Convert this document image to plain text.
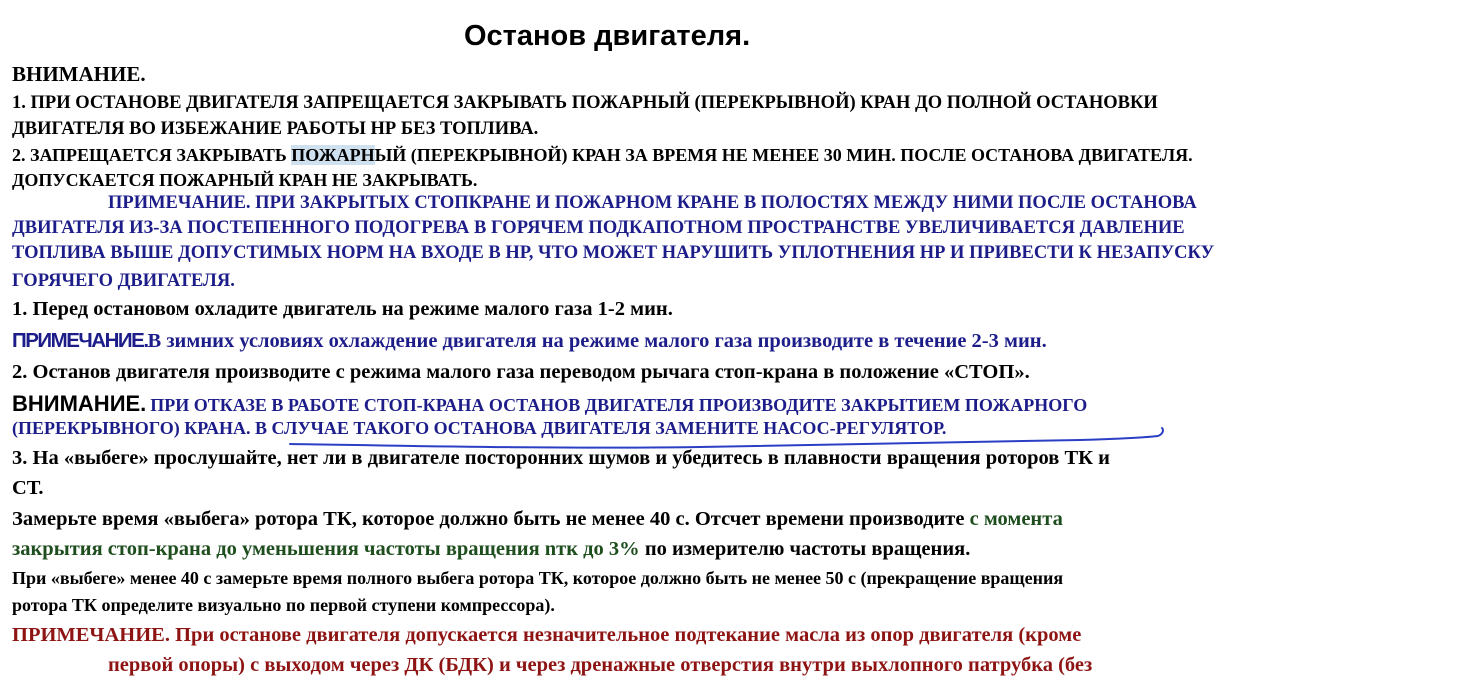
Останов двигателя.

ВНИМАНИЕ.

1. ПРИ ОСТАНОВЕ ДВИГАТЕЛЯ ЗАПРЕЩАЕТСЯ ЗАКРЫВАТЬ ПОЖАРНЫЙ (ПЕРЕКРЫВНОЙ) КРАН ДО ПОЛНОЙ ОСТАНОВКИ

ДВИГАТЕЛЯ ВО ИЗБЕЖАНИЕ РАБОТЫ НР БЕЗ ТОПЛИВА.

2. ЗАПРЕЩАЕТСЯ ЗАКРЫВАТЬ ПОЖАРНЫЙ (ПЕРЕКРЫВНОЙ) КРАН ЗА ВРЕМЯ НЕ МЕНЕЕ 30 МИН. ПОСЛЕ ОСТАНОВА ДВИГАТЕЛЯ.

ДОПУСКАЕТСЯ ПОЖАРНЫЙ КРАН НЕ ЗАКРЫВАТЬ.

ПРИМЕЧАНИЕ. ПРИ ЗАКРЫТЫХ СТОПКРАНЕ И ПОЖАРНОМ КРАНЕ В ПОЛОСТЯХ МЕЖДУ НИМИ ПОСЛЕ ОСТАНОВА

ДВИГАТЕЛЯ ИЗ-ЗА ПОСТЕПЕННОГО ПОДОГРЕВА В ГОРЯЧЕМ ПОДКАПОТНОМ ПРОСТРАНСТВЕ УВЕЛИЧИВАЕТСЯ ДАВЛЕНИЕ

ТОПЛИВА ВЫШЕ ДОПУСТИМЫХ НОРМ НА ВХОДЕ В НР, ЧТО МОЖЕТ НАРУШИТЬ УПЛОТНЕНИЯ НР И ПРИВЕСТИ К НЕЗАПУСКУ

ГОРЯЧЕГО ДВИГАТЕЛЯ.

1. Перед остановом охладите двигатель на режиме малого газа 1-2 мин.

ПРИМЕЧАНИЕ.В зимних условиях охлаждение двигателя на режиме малого газа производите в течение 2-3 мин.

2. Останов двигателя производите с режима малого газа переводом рычага стоп-крана в положение «СТОП».

ВНИМАНИЕ. ПРИ ОТКАЗЕ В РАБОТЕ СТОП-КРАНА ОСТАНОВ ДВИГАТЕЛЯ ПРОИЗВОДИТЕ ЗАКРЫТИЕМ ПОЖАРНОГО

(ПЕРЕКРЫВНОГО) КРАНА. В СЛУЧАЕ ТАКОГО ОСТАНОВА ДВИГАТЕЛЯ ЗАМЕНИТЕ НАСОС-РЕГУЛЯТОР.

3. На «выбеге» прослушайте, нет ли в двигателе посторонних шумов и убедитесь в плавности вращения роторов ТК и

СТ.

Замерьте время «выбега» ротора ТК, которое должно быть не менее 40 с. Отсчет времени производите с момента

закрытия стоп-крана до уменьшения частоты вращения nтк до 3% по измерителю частоты вращения.

При «выбеге» менее 40 с замерьте время полного выбега ротора ТК, которое должно быть не менее 50 с (прекращение вращения

ротора ТК определите визуально по первой ступени компрессора).

ПРИМЕЧАНИЕ. При останове двигателя допускается незначительное подтекание масла из опор двигателя (кроме

первой опоры) с выходом через ДК (БДК) и через дренажные отверстия внутри выхлопного патрубка (без
